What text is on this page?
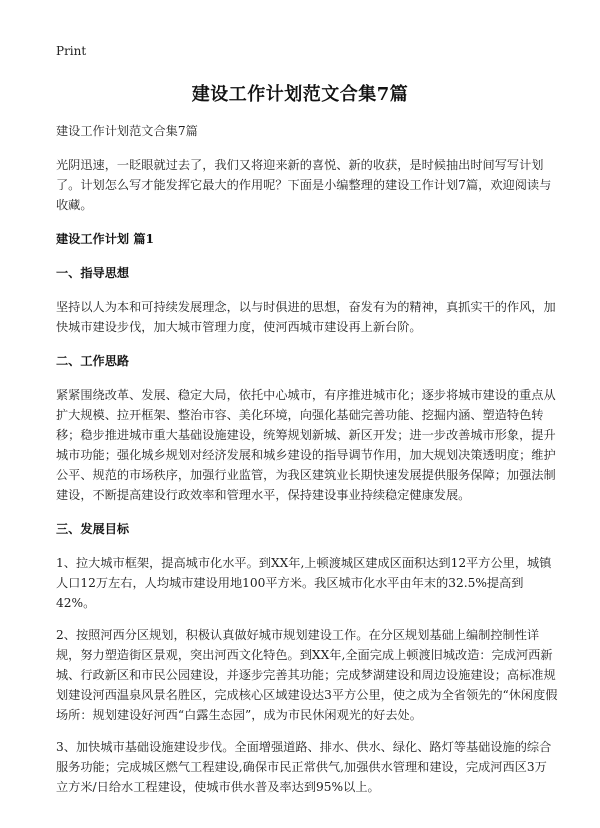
Print
建设工作计划范文合集7篇

建设工作计划范文合集7篇

光阴迅速，一眨眼就过去了，我们又将迎来新的喜悦、新的收获，是时候抽出时间写写计划了。计划怎么写才能发挥它最大的作用呢？下面是小编整理的建设工作计划7篇，欢迎阅读与收藏。

建设工作计划 篇1

一、指导思想

坚持以人为本和可持续发展理念，以与时俱进的思想，奋发有为的精神，真抓实干的作风，加快城市建设步伐，加大城市管理力度，使河西城市建设再上新台阶。

二、工作思路

紧紧围绕改革、发展、稳定大局，依托中心城市，有序推进城市化；逐步将城市建设的重点从扩大规模、拉开框架、整治市容、美化环境，向强化基础完善功能、挖掘内涵、塑造特色转移；稳步推进城市重大基础设施建设，统筹规划新城、新区开发；进一步改善城市形象，提升城市功能；强化城乡规划对经济发展和城乡建设的指导调节作用，加大规划决策透明度；维护公平、规范的市场秩序，加强行业监管，为我区建筑业长期快速发展提供服务保障；加强法制建设，不断提高建设行政效率和管理水平，保持建设事业持续稳定健康发展。

三、发展目标

1、拉大城市框架，提高城市化水平。到XX年,上顿渡城区建成区面积达到12平方公里，城镇人口12万左右，人均城市建设用地100平方米。我区城市化水平由年末的32.5%提高到42%。

2、按照河西分区规划，积极认真做好城市规划建设工作。在分区规划基础上编制控制性详规，努力塑造街区景观，突出河西文化特色。到XX年,全面完成上顿渡旧城改造：完成河西新城、行政新区和市民公园建设，并逐步完善其功能；完成梦湖建设和周边设施建设；高标准规划建设河西温泉风景名胜区，完成核心区域建设达3平方公里，使之成为全省领先的“休闲度假场所：规划建设好河西“白露生态园”，成为市民休闲观光的好去处。

3、加快城市基础设施建设步伐。全面增强道路、排水、供水、绿化、路灯等基础设施的综合服务功能；完成城区燃气工程建设,确保市民正常供气,加强供水管理和建设，完成河西区3万立方米/日给水工程建设，使城市供水普及率达到95%以上。
